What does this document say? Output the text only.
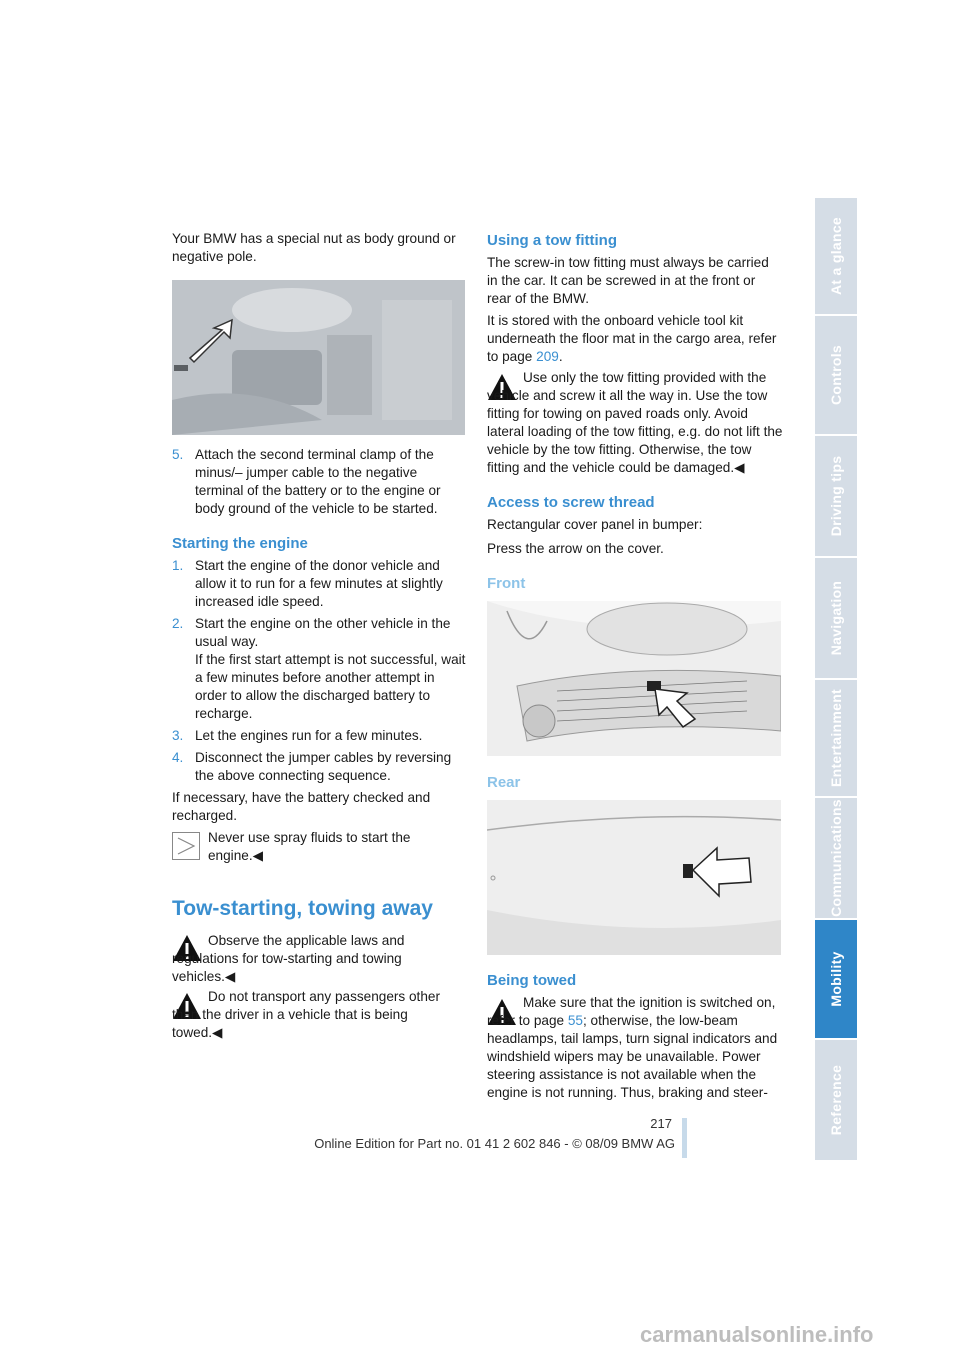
At a glance
Controls
Driving tips
Navigation
Entertainment
Communications
Mobility
Reference

Your BMW has a special nut as body ground or negative pole.

5. Attach the second terminal clamp of the minus/– jumper cable to the negative terminal of the battery or to the engine or body ground of the vehicle to be started.
Starting the engine
1. Start the engine of the donor vehicle and allow it to run for a few minutes at slightly increased idle speed.
2. Start the engine on the other vehicle in the usual way.
If the first start attempt is not successful, wait a few minutes before another attempt in order to allow the discharged battery to recharge.
3. Let the engines run for a few minutes.
4. Disconnect the jumper cables by reversing the above connecting sequence.

If necessary, have the battery checked and recharged.

Never use spray fluids to start the engine.◀

Tow-starting, towing away

Observe the applicable laws and regulations for tow-starting and towing vehicles.◀

Do not transport any passengers other than the driver in a vehicle that is being towed.◀

Using a tow fitting

The screw-in tow fitting must always be carried in the car. It can be screwed in at the front or rear of the BMW.

It is stored with the onboard vehicle tool kit underneath the floor mat in the cargo area, refer to page 209.

Use only the tow fitting provided with the vehicle and screw it all the way in. Use the tow fitting for towing on paved roads only. Avoid lateral loading of the tow fitting, e.g. do not lift the vehicle by the tow fitting. Otherwise, the tow fitting and the vehicle could be damaged.◀

Access to screw thread

Rectangular cover panel in bumper:

Press the arrow on the cover.

Front
Rear
Being towed

Make sure that the ignition is switched on, refer to page 55; otherwise, the low-beam headlamps, tail lamps, turn signal indicators and windshield wipers may be unavailable. Power steering assistance is not available when the engine is not running. Thus, braking and steer-

217
Online Edition for Part no. 01 41 2 602 846 - © 08/09 BMW AG
carmanualsonline.info
